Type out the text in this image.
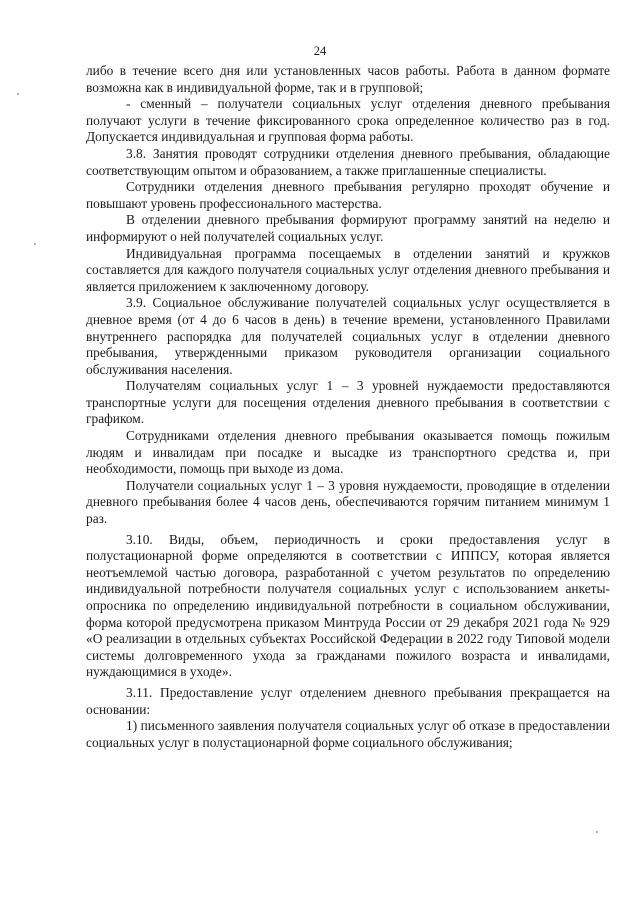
24

либо в течение всего дня или установленных часов работы. Работа в данном формате возможна как в индивидуальной форме, так и в групповой;

- сменный – получатели социальных услуг отделения дневного пребывания получают услуги в течение фиксированного срока определенное количество раз в год. Допускается индивидуальная и групповая форма работы.

3.8. Занятия проводят сотрудники отделения дневного пребывания, обладающие соответствующим опытом и образованием, а также приглашенные специалисты.

Сотрудники отделения дневного пребывания регулярно проходят обучение и повышают уровень профессионального мастерства.

В отделении дневного пребывания формируют программу занятий на неделю и информируют о ней получателей социальных услуг.

Индивидуальная программа посещаемых в отделении занятий и кружков составляется для каждого получателя социальных услуг отделения дневного пребывания и является приложением к заключенному договору.

3.9. Социальное обслуживание получателей социальных услуг осуществляется в дневное время (от 4 до 6 часов в день) в течение времени, установленного Правилами внутреннего распорядка для получателей социальных услуг в отделении дневного пребывания, утвержденными приказом руководителя организации социального обслуживания населения.

Получателям социальных услуг 1 – 3 уровней нуждаемости предоставляются транспортные услуги для посещения отделения дневного пребывания в соответствии с графиком.

Сотрудниками отделения дневного пребывания оказывается помощь пожилым людям и инвалидам при посадке и высадке из транспортного средства и, при необходимости, помощь при выходе из дома.

Получатели социальных услуг 1 – 3 уровня нуждаемости, проводящие в отделении дневного пребывания более 4 часов день, обеспечиваются горячим питанием минимум 1 раз.

3.10. Виды, объем, периодичность и сроки предоставления услуг в полустационарной форме определяются в соответствии с ИППСУ, которая является неотъемлемой частью договора, разработанной с учетом результатов по определению индивидуальной потребности получателя социальных услуг с использованием анкеты-опросника по определению индивидуальной потребности в социальном обслуживании, форма которой предусмотрена приказом Минтруда России от 29 декабря 2021 года № 929 «О реализации в отдельных субъектах Российской Федерации в 2022 году Типовой модели системы долговременного ухода за гражданами пожилого возраста и инвалидами, нуждающимися в уходе».

3.11. Предоставление услуг отделением дневного пребывания прекращается на основании:

1) письменного заявления получателя социальных услуг об отказе в предоставлении социальных услуг в полустационарной форме социального обслуживания;
